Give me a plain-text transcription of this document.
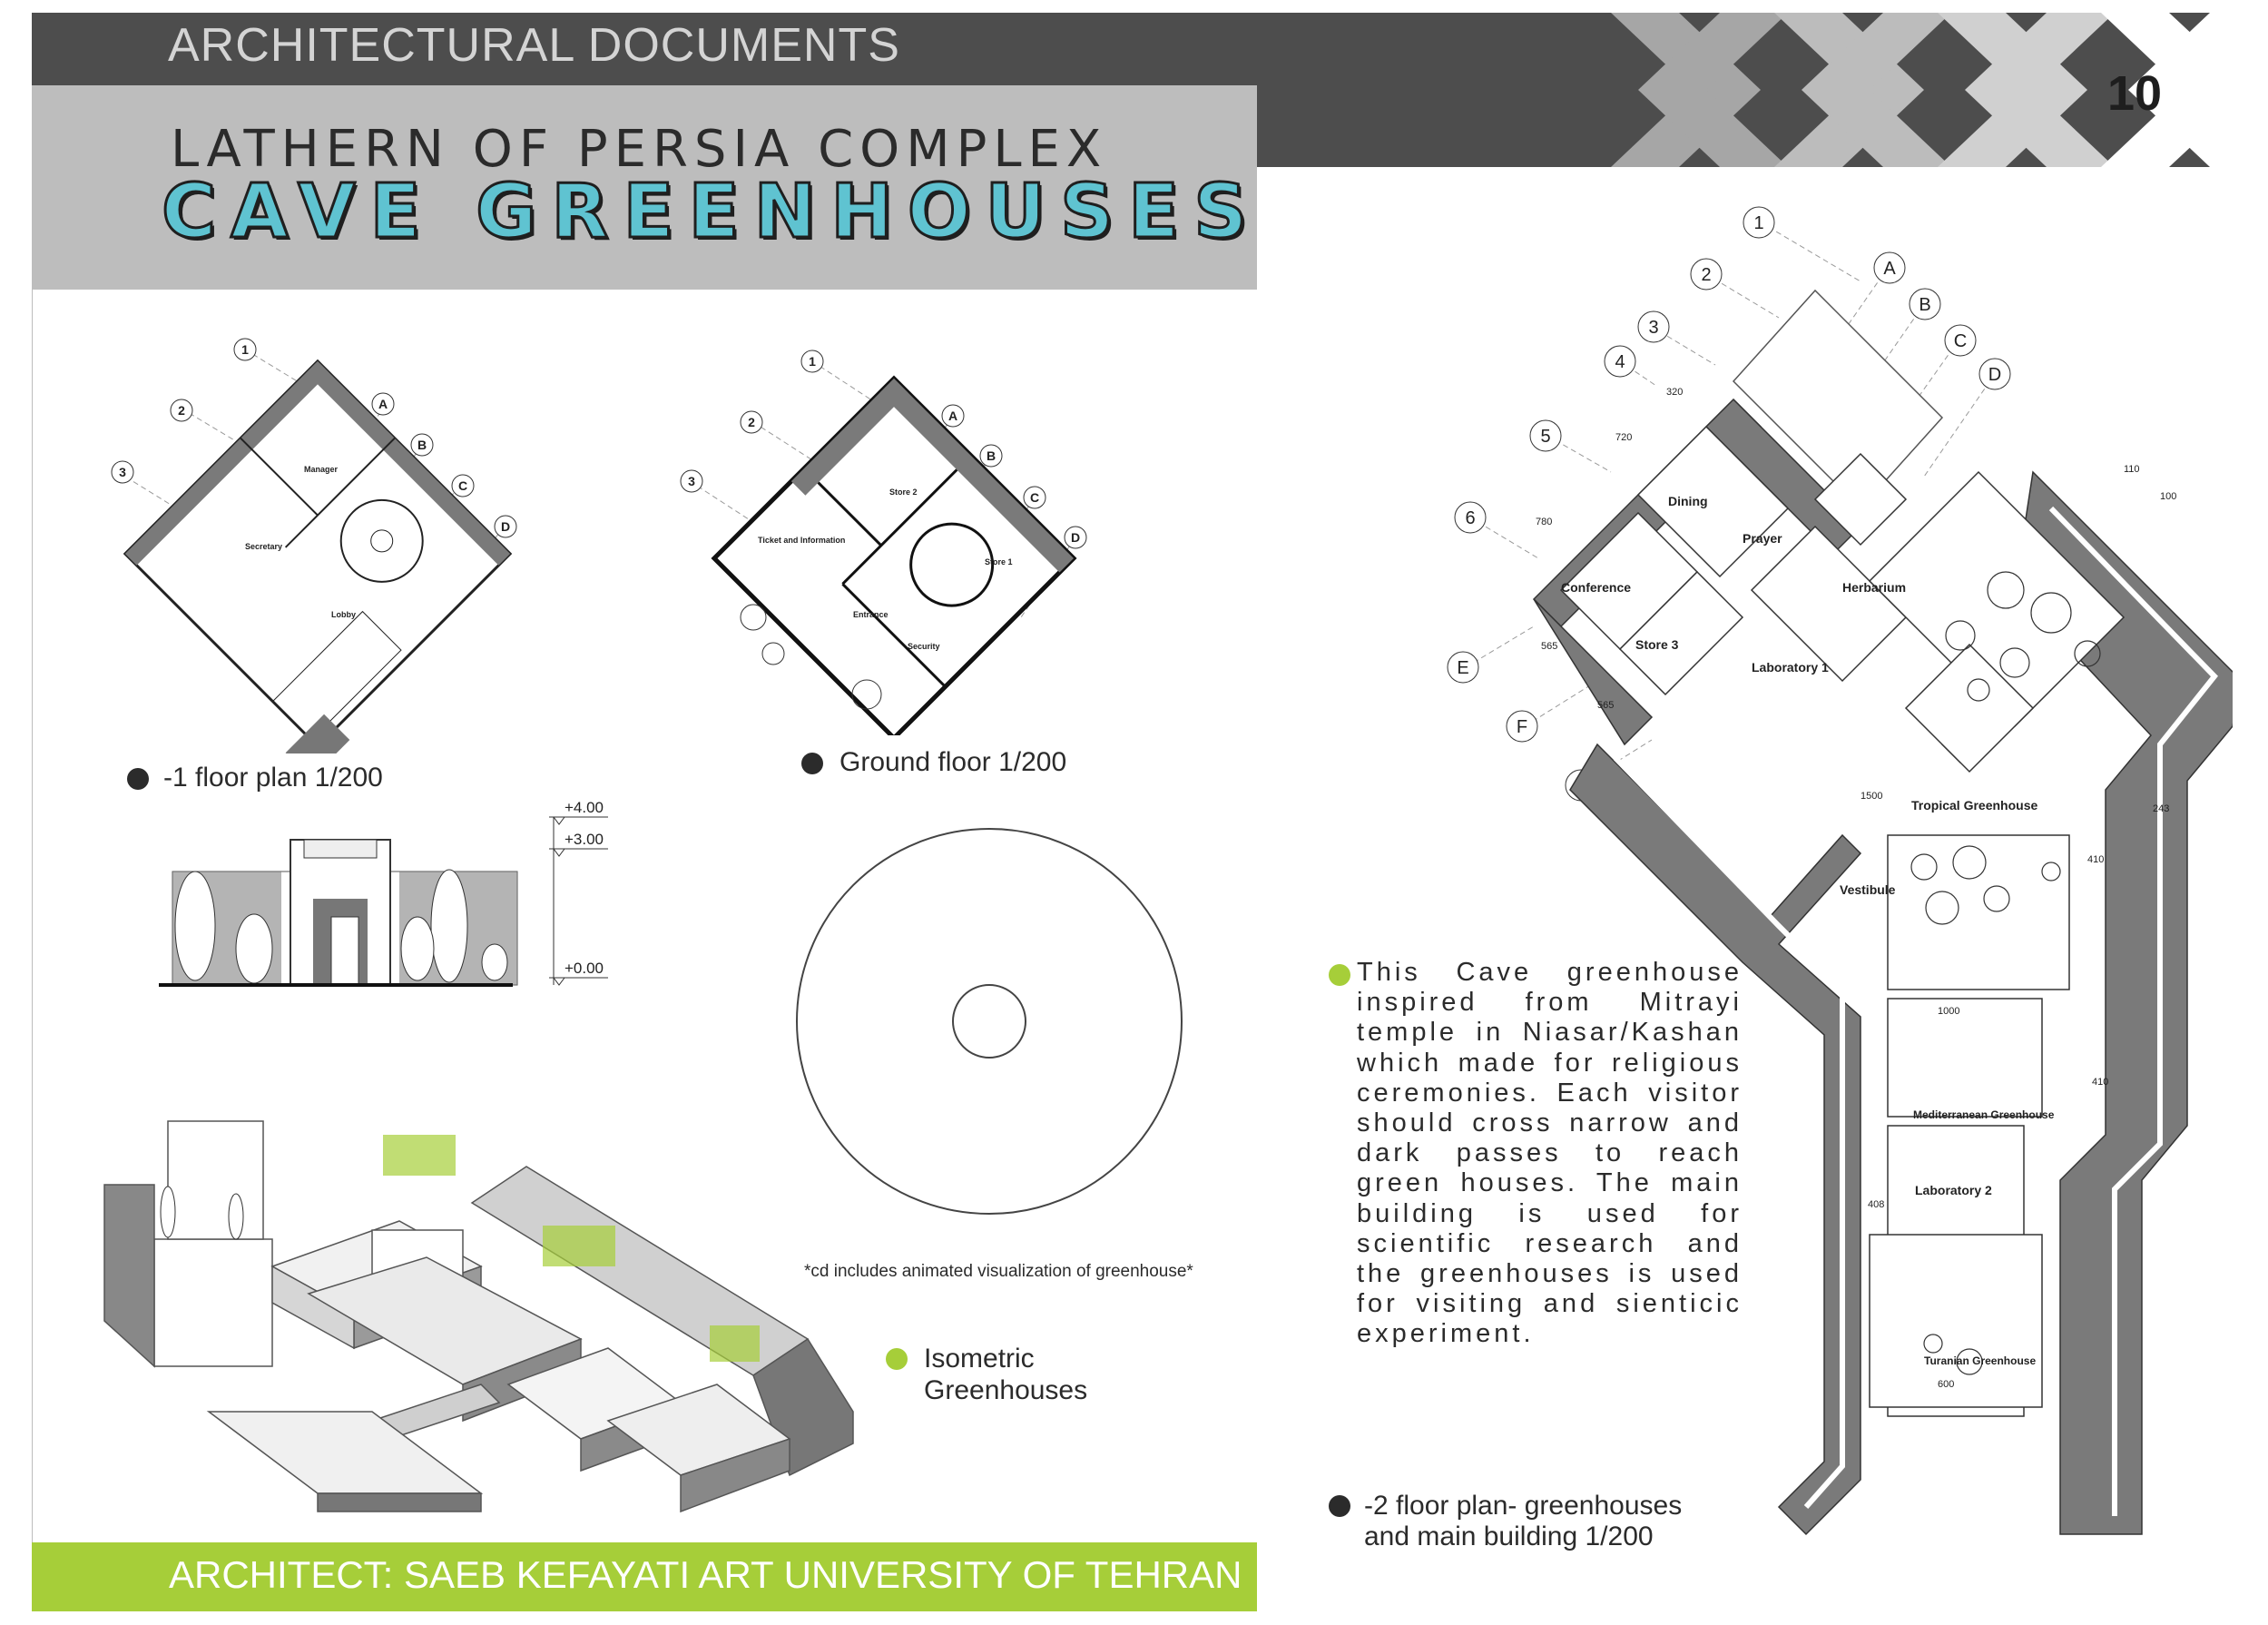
ARCHITECTURAL DOCUMENTS
10
LATHERN OF PERSIA COMPLEX
CAVE GREENHOUSES
1
2
3
A
B
C
D
Manager
Secretary
Lobby
-1 floor plan 1/200
1
2
3
A
B
C
D
Store 2
Ticket and Information
Store 1
Entrance
Security
Ground floor 1/200
+4.00
+3.00
+0.00
*cd includes animated visualization of greenhouse*
Isometric
Greenhouses
ARCHITECT: SAEB KEFAYATI ART UNIVERSITY OF TEHRAN
1
2
3
4
5
6
A
B
C
D
E
F
Dining
Prayer
Conference	Herbarium
Store 3
Laboratory 1
Tropical Greenhouse
Vestibule
Mediterranean Greenhouse
Laboratory 2
Turanian Greenhouse
320
720
780
110
100
565
565
1500
1000
410
408
600
243
410
This Cave greenhouse inspired from Mitrayi temple in Niasar/Kashan which made for religious ceremonies. Each visitor should cross narrow and dark passes to reach green houses. The main building is used for scientific research and the greenhouses is used for visiting and sienticic experiment.
-2 floor plan- greenhouses
and main building 1/200
